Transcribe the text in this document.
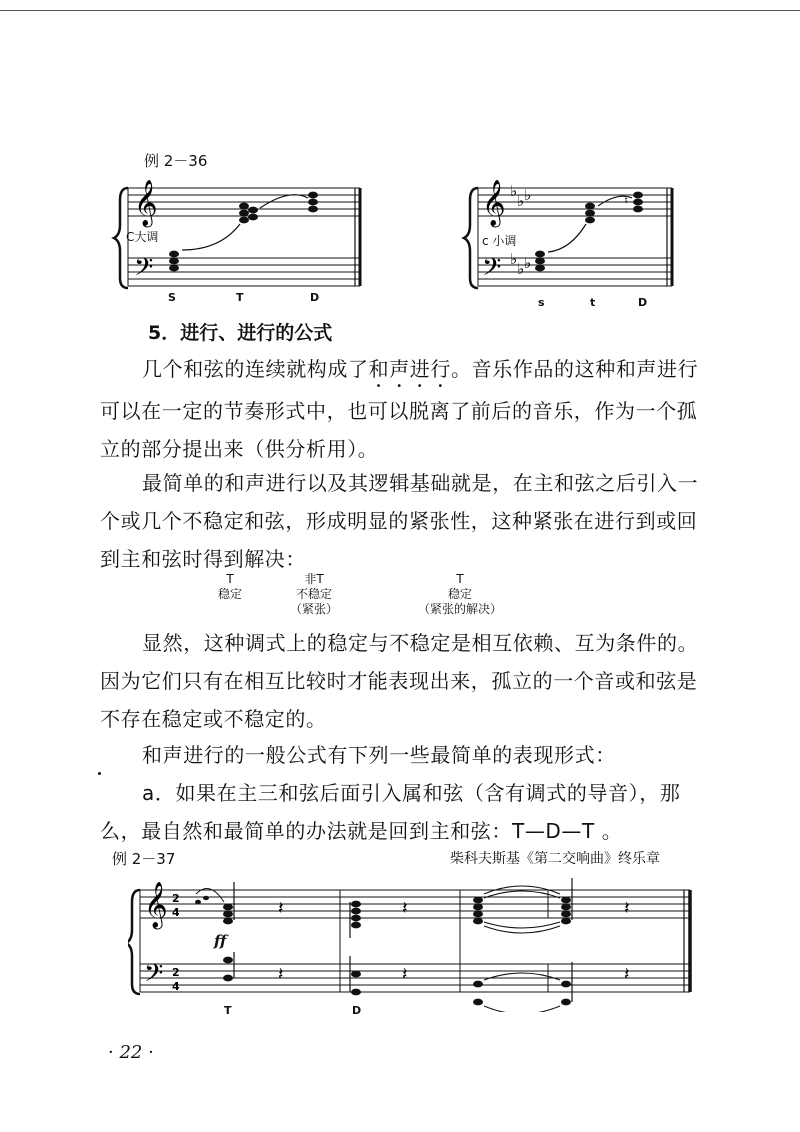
例 2－36
𝄞
𝄢
C大调
S	T	D
𝄞
𝄢
♭
♭ ♭
♭
♭ ♭
♮
c 小调
s	t	D
5．进行、进行的公式

几个和弦的连续就构成了和声进行。音乐作品的这种和声进行可以在一定的节奏形式中，也可以脱离了前后的音乐，作为一个孤立的部分提出来（供分析用）。

最简单的和声进行以及其逻辑基础就是，在主和弦之后引入一个或几个不稳定和弦，形成明显的紧张性，这种紧张在进行到或回到主和弦时得到解决：

T
稳定
非T
不稳定
（紧张）
T
稳定
（紧张的解决）

显然，这种调式上的稳定与不稳定是相互依赖、互为条件的。因为它们只有在相互比较时才能表现出来，孤立的一个音或和弦是不存在稳定或不稳定的。

和声进行的一般公式有下列一些最简单的表现形式：

a．如果在主三和弦后面引入属和弦（含有调式的导音），那么，最自然和最简单的办法就是回到主和弦：T—D—T 。

例 2－37	柴科夫斯基《第二交响曲》终乐章
𝄞
𝄢
2
4
2
4
𝄽
𝄽
𝄽
𝄽
𝄽
𝄽
ff
T	D
· 22 ·
